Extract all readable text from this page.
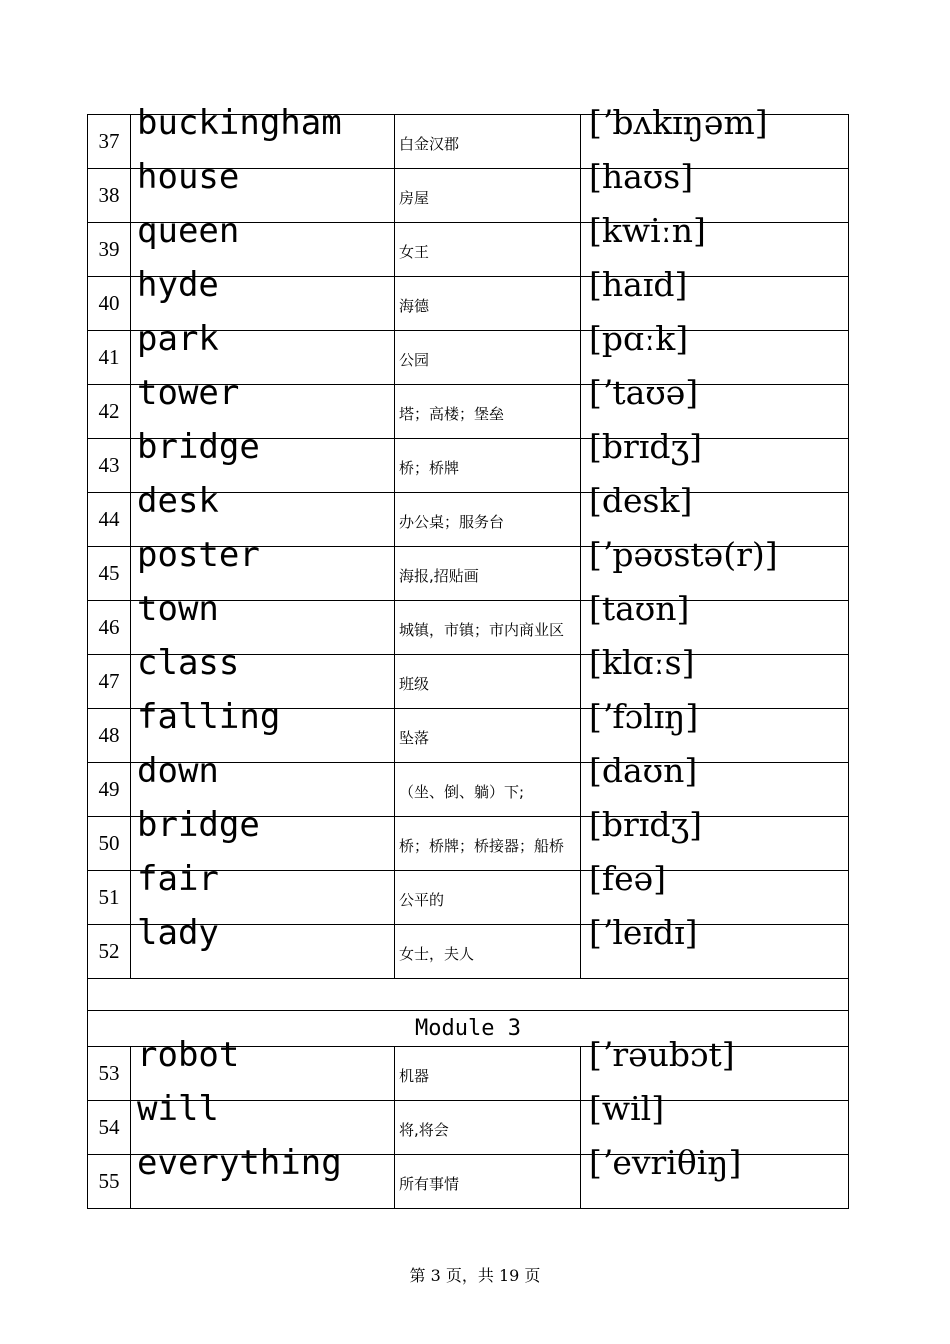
37	buckingham	白金汉郡	[ʼbʌkɪŋəm]
38	house	房屋	[haʊs]
39	queen	女王	[kwiːn]
40	hyde	海德	[haɪd]
41	park	公园	[pɑːk]
42	tower	塔；高楼；堡垒	[ʼtaʊə]
43	bridge	桥；桥牌	[brɪdʒ]
44	desk	办公桌；服务台	[desk]
45	poster	海报,招贴画	[ʼpəʊstə(r)]
46	town	城镇，市镇；市内商业区	[taʊn]
47	class	班级	[klɑːs]
48	falling	坠落	[ʼfɔlɪŋ]
49	down	（坐、倒、躺）下;	[daʊn]
50	bridge	桥；桥牌；桥接器；船桥	[brɪdʒ]
51	fair	公平的	[feə]
52	lady	女士，夫人	[ʼleɪdɪ]

Module 3			
53	robot	机器	[ʼrəubɔt]
54	will	将,将会	[wil]
55	everything	所有事情	[ʼevriθiŋ]
第 3 页，共 19 页
